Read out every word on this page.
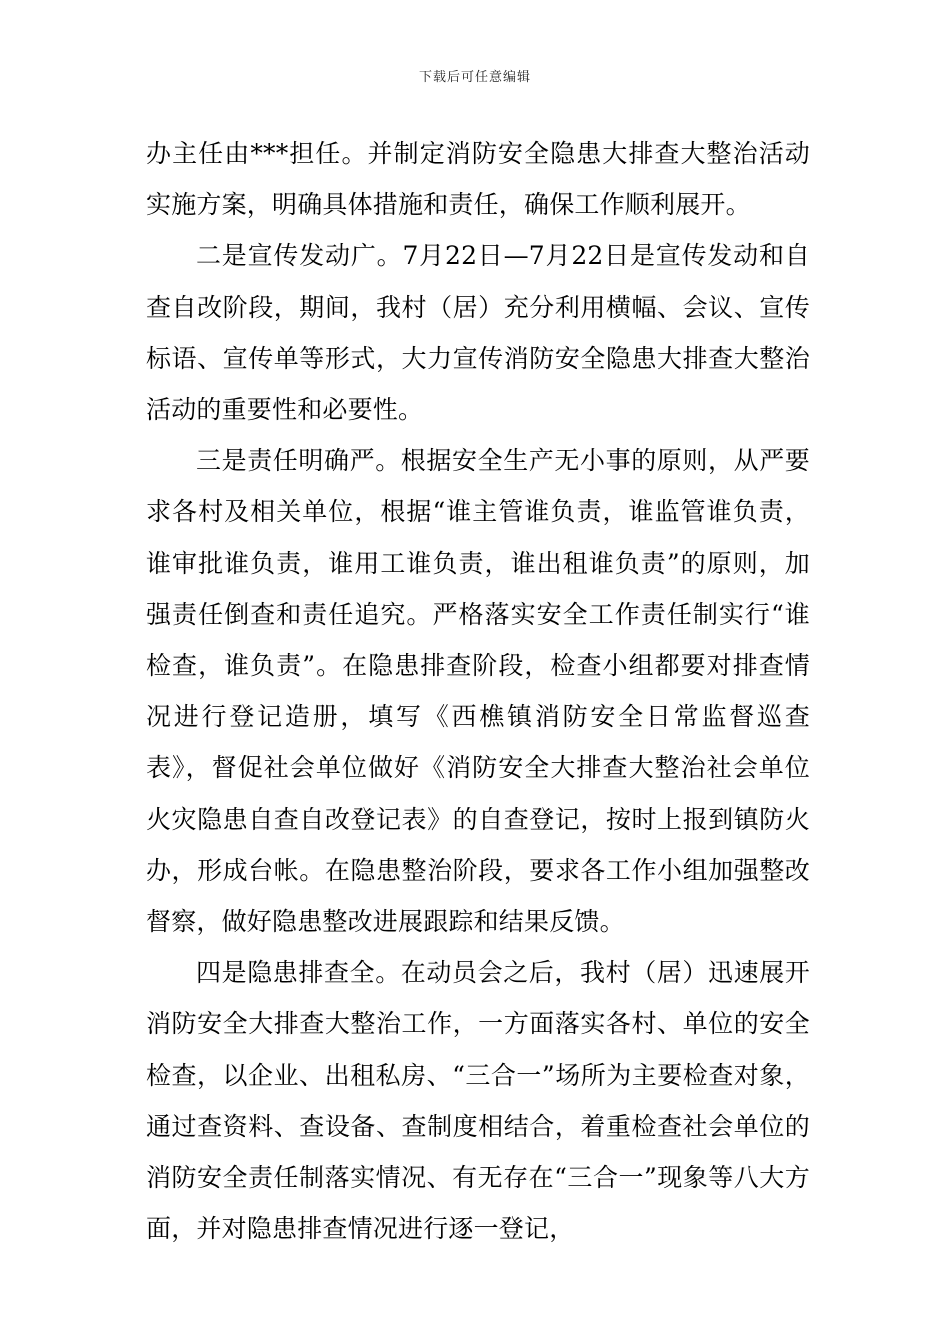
下载后可任意编辑

办主任由***担任。并制定消防安全隐患大排查大整治活动实施方案，明确具体措施和责任，确保工作顺利展开。

二是宣传发动广。7月22日—7月22日是宣传发动和自查自改阶段，期间，我村（居）充分利用横幅、会议、宣传标语、宣传单等形式，大力宣传消防安全隐患大排查大整治活动的重要性和必要性。

三是责任明确严。根据安全生产无小事的原则，从严要求各村及相关单位，根据“谁主管谁负责，谁监管谁负责，谁审批谁负责，谁用工谁负责，谁出租谁负责”的原则，加强责任倒查和责任追究。严格落实安全工作责任制实行“谁检查，谁负责”。在隐患排查阶段，检查小组都要对排查情况进行登记造册，填写《西樵镇消防安全日常监督巡查表》，督促社会单位做好《消防安全大排查大整治社会单位火灾隐患自查自改登记表》的自查登记，按时上报到镇防火办，形成台帐。在隐患整治阶段，要求各工作小组加强整改督察，做好隐患整改进展跟踪和结果反馈。

四是隐患排查全。在动员会之后，我村（居）迅速展开消防安全大排查大整治工作，一方面落实各村、单位的安全检查，以企业、出租私房、“三合一”场所为主要检查对象，通过查资料、查设备、查制度相结合，着重检查社会单位的消防安全责任制落实情况、有无存在“三合一”现象等八大方面，并对隐患排查情况进行逐一登记，
